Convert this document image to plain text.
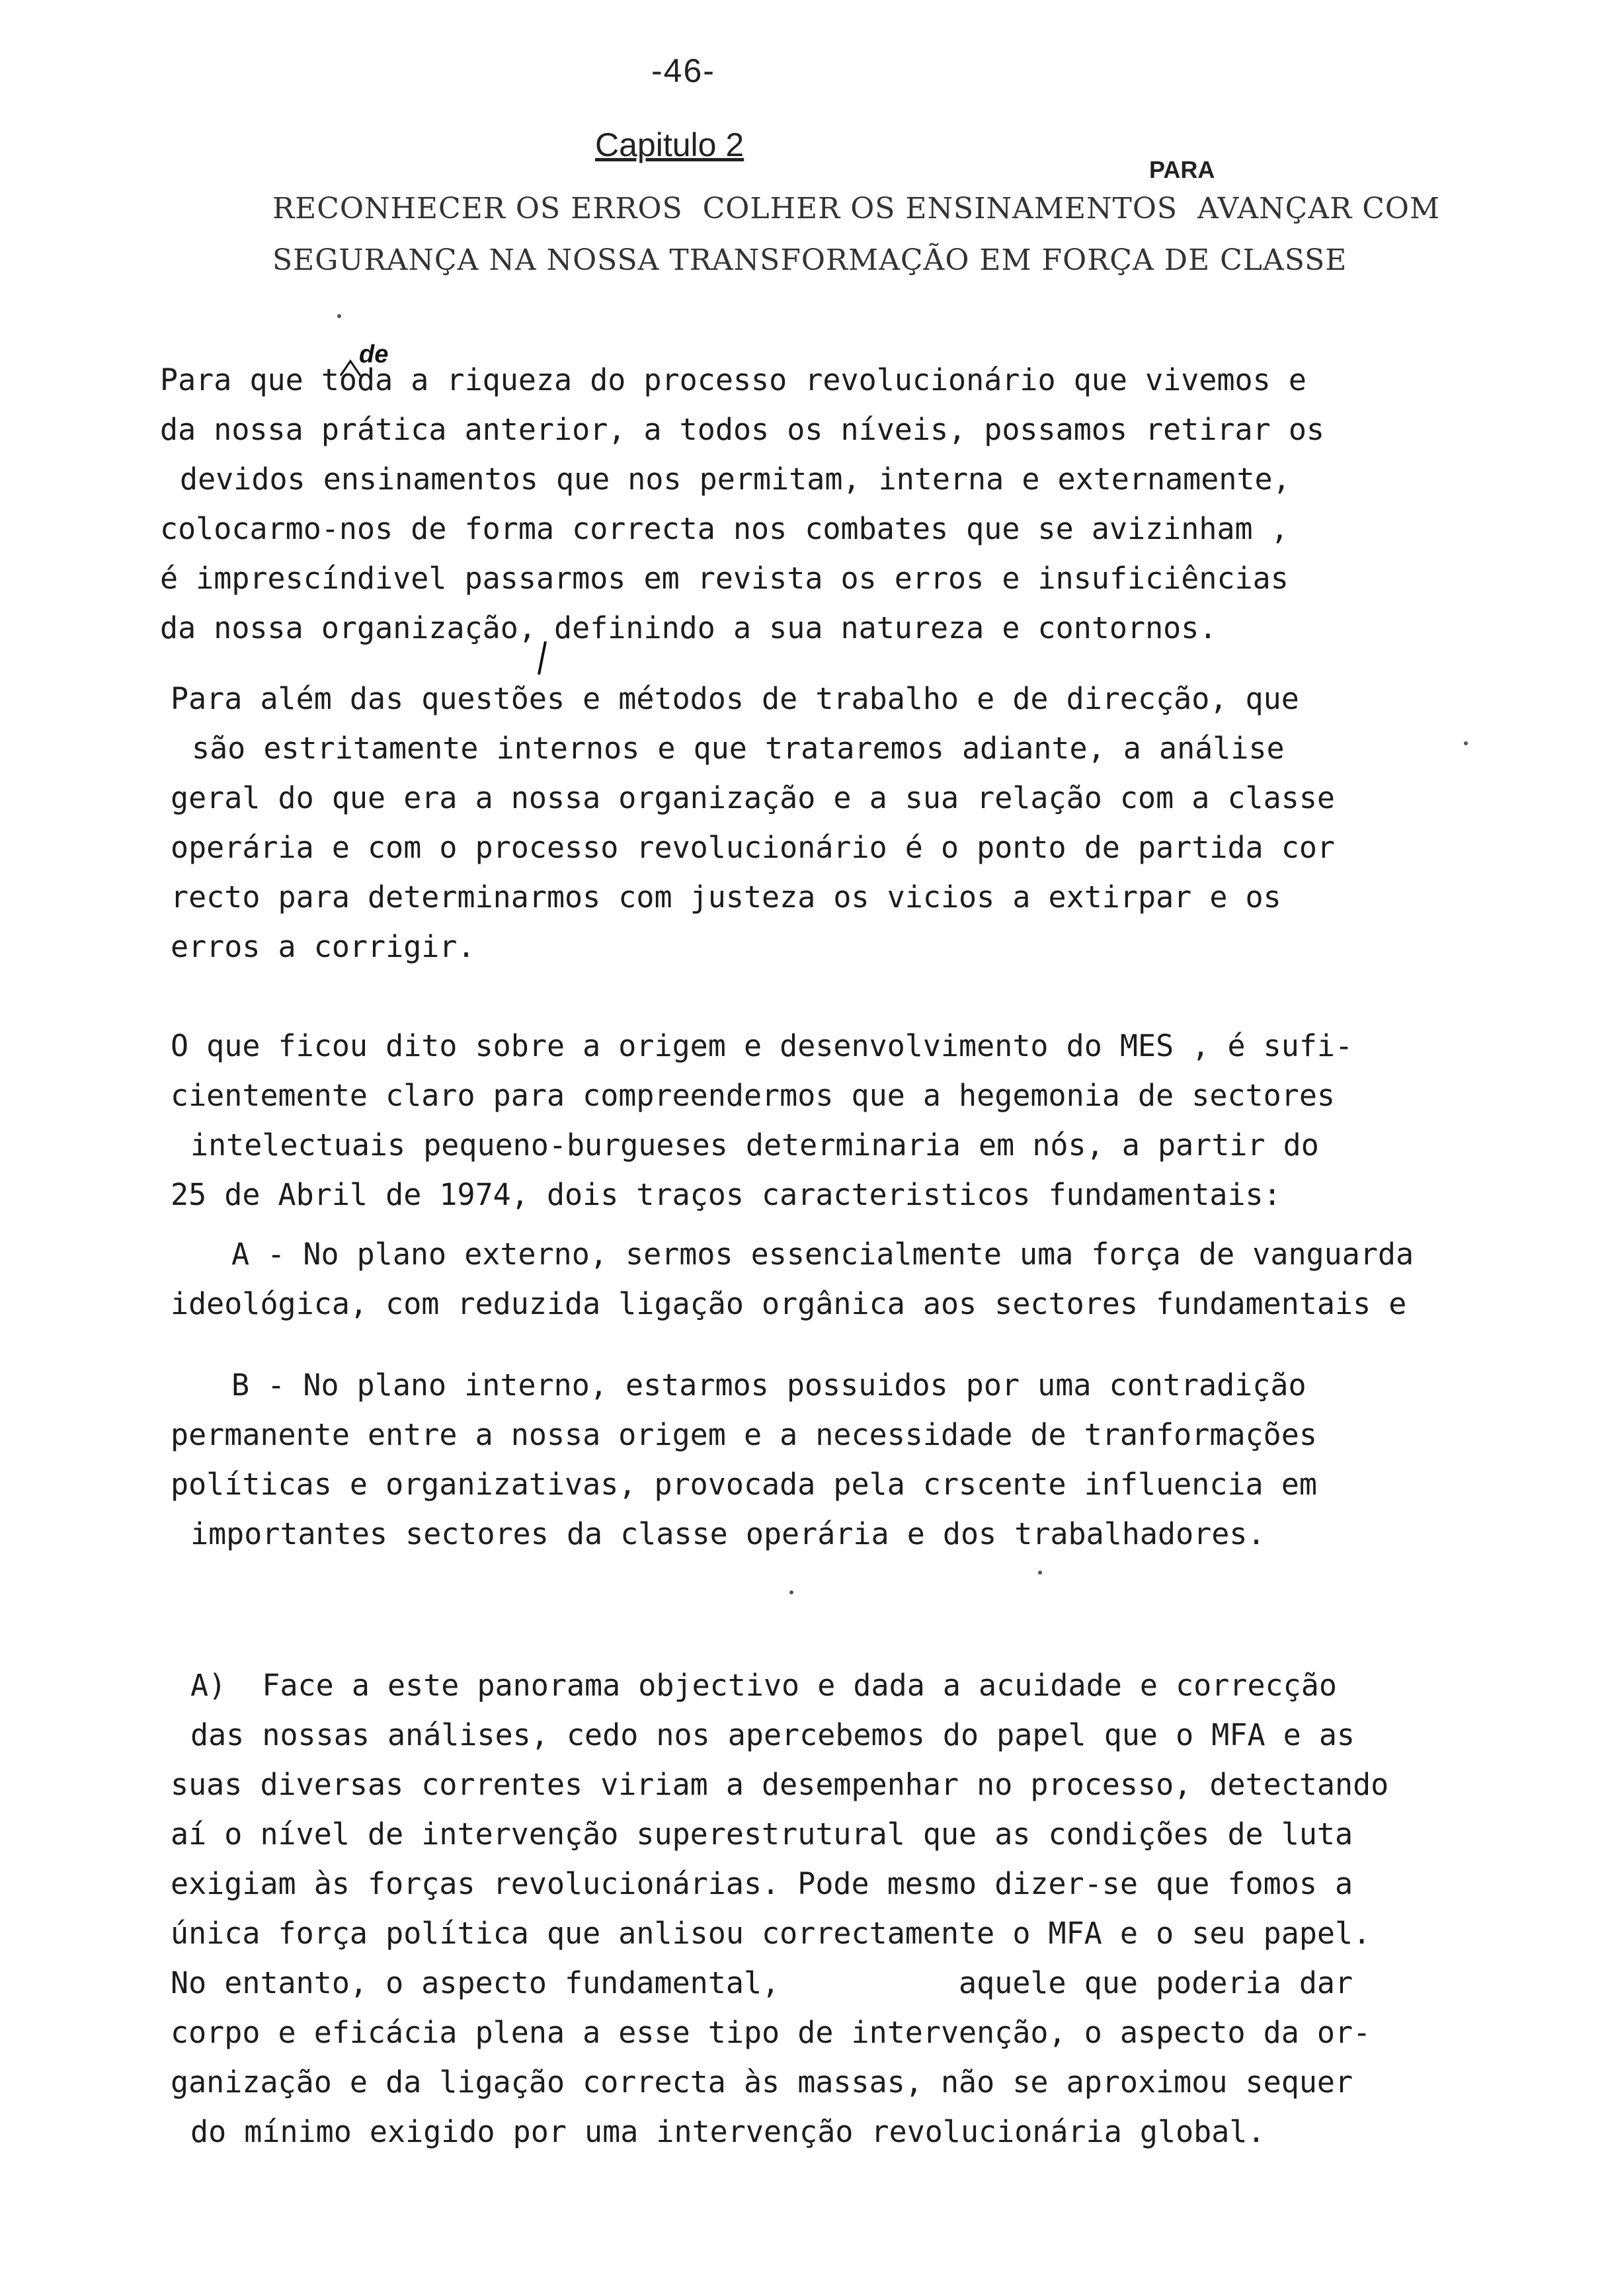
-46-
Capitulo 2
PARA
RECONHECER OS ERROS  COLHER OS ENSINAMENTOS  AVANÇAR COM
SEGURANÇA NA NOSSA TRANSFORMAÇÃO EM FORÇA DE CLASSE
de
Para que toda a riqueza do processo revolucionário que vivemos e
da nossa prática anterior, a todos os níveis, possamos retirar os
devidos ensinamentos que nos permitam, interna e externamente,
colocarmo-nos de forma correcta nos combates que se avizinham ,
é imprescíndivel passarmos em revista os erros e insuficiências
da nossa organização, definindo a sua natureza e contornos.
Para além das questões e métodos de trabalho e de direcção, que
são estritamente internos e que trataremos adiante, a análise
geral do que era a nossa organização e a sua relação com a classe
operária e com o processo revolucionário é o ponto de partida cor
recto para determinarmos com justeza os vicios a extirpar e os
erros a corrigir.
O que ficou dito sobre a origem e desenvolvimento do MES , é sufi-
cientemente claro para compreendermos que a hegemonia de sectores
intelectuais pequeno-burgueses determinaria em nós, a partir do
25 de Abril de 1974, dois traços caracteristicos fundamentais:
A - No plano externo, sermos essencialmente uma força de vanguarda
ideológica, com reduzida ligação orgânica aos sectores fundamentais e
B - No plano interno, estarmos possuidos por uma contradição
permanente entre a nossa origem e a necessidade de tranformações
políticas e organizativas, provocada pela crscente influencia em
importantes sectores da classe operária e dos trabalhadores.
A)  Face a este panorama objectivo e dada a acuidade e correcção
das nossas análises, cedo nos apercebemos do papel que o MFA e as
suas diversas correntes viriam a desempenhar no processo, detectando
aí o nível de intervenção superestrutural que as condições de luta
exigiam às forças revolucionárias. Pode mesmo dizer-se que fomos a
única força política que anlisou correctamente o MFA e o seu papel.
No entanto, o aspecto fundamental,          aquele que poderia dar
corpo e eficácia plena a esse tipo de intervenção, o aspecto da or-
ganização e da ligação correcta às massas, não se aproximou sequer
do mínimo exigido por uma intervenção revolucionária global.
